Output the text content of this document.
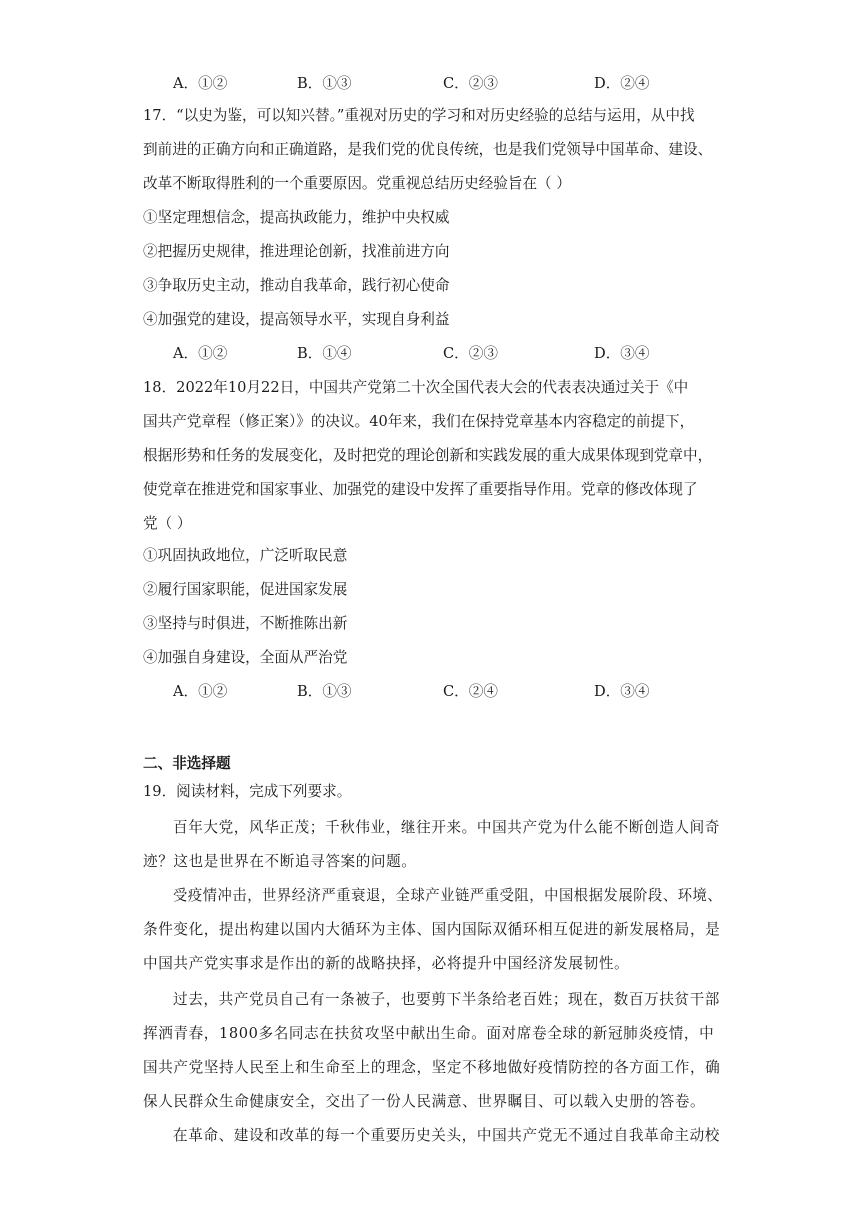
A．①②	B．①③	C．②③	D．②④
17．“以史为鉴，可以知兴替。”重视对历史的学习和对历史经验的总结与运用，从中找
到前进的正确方向和正确道路，是我们党的优良传统，也是我们党领导中国革命、建设、
改革不断取得胜利的一个重要原因。党重视总结历史经验旨在（ ）
①坚定理想信念，提高执政能力，维护中央权威
②把握历史规律，推进理论创新，找准前进方向
③争取历史主动，推动自我革命，践行初心使命
④加强党的建设，提高领导水平，实现自身利益
A．①②	B．①④	C．②③	D．③④
18．2022年10月22日，中国共产党第二十次全国代表大会的代表表决通过关于《中
国共产党章程（修正案）》的决议。40年来，我们在保持党章基本内容稳定的前提下，
根据形势和任务的发展变化，及时把党的理论创新和实践发展的重大成果体现到党章中，
使党章在推进党和国家事业、加强党的建设中发挥了重要指导作用。党章的修改体现了
党（ ）
①巩固执政地位，广泛听取民意
②履行国家职能，促进国家发展
③坚持与时俱进，不断推陈出新
④加强自身建设，全面从严治党
A．①②	B．①③	C．②④	D．③④
二、非选择题
19．阅读材料，完成下列要求。
百年大党，风华正茂；千秋伟业，继往开来。中国共产党为什么能不断创造人间奇
迹？这也是世界在不断追寻答案的问题。
受疫情冲击，世界经济严重衰退，全球产业链严重受阻，中国根据发展阶段、环境、
条件变化，提出构建以国内大循环为主体、国内国际双循环相互促进的新发展格局，是
中国共产党实事求是作出的新的战略抉择，必将提升中国经济发展韧性。
过去，共产党员自己有一条被子，也要剪下半条给老百姓；现在，数百万扶贫干部
挥洒青春，1800多名同志在扶贫攻坚中献出生命。面对席卷全球的新冠肺炎疫情，中
国共产党坚持人民至上和生命至上的理念，坚定不移地做好疫情防控的各方面工作，确
保人民群众生命健康安全，交出了一份人民满意、世界瞩目、可以载入史册的答卷。
在革命、建设和改革的每一个重要历史关头，中国共产党无不通过自我革命主动校
